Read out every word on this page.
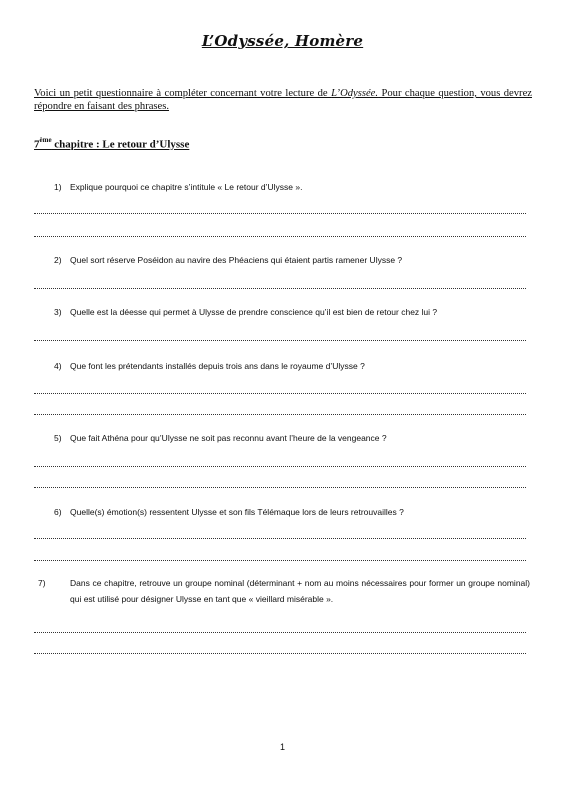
L’Odyssée, Homère
Voici un petit questionnaire à compléter concernant votre lecture de L’Odyssée. Pour chaque question, vous devrez répondre en faisant des phrases.
7ème chapitre : Le retour d’Ulysse
1) Explique pourquoi ce chapitre s’intitule « Le retour d’Ulysse ».
2) Quel sort réserve Poséidon au navire des Phéaciens qui étaient partis ramener Ulysse ?
3) Quelle est la déesse qui permet à Ulysse de prendre conscience qu’il est bien de retour chez lui ?
4) Que font les prétendants installés depuis trois ans dans le royaume d’Ulysse ?
5) Que fait Athéna pour qu’Ulysse ne soit pas reconnu avant l’heure de la vengeance ?
6) Quelle(s) émotion(s) ressentent Ulysse et son fils Télémaque lors de leurs retrouvailles ?
7)	Dans ce chapitre, retrouve un groupe nominal (déterminant + nom au moins nécessaires pour former un groupe nominal) qui est utilisé pour désigner Ulysse en tant que « vieillard misérable ».
1
